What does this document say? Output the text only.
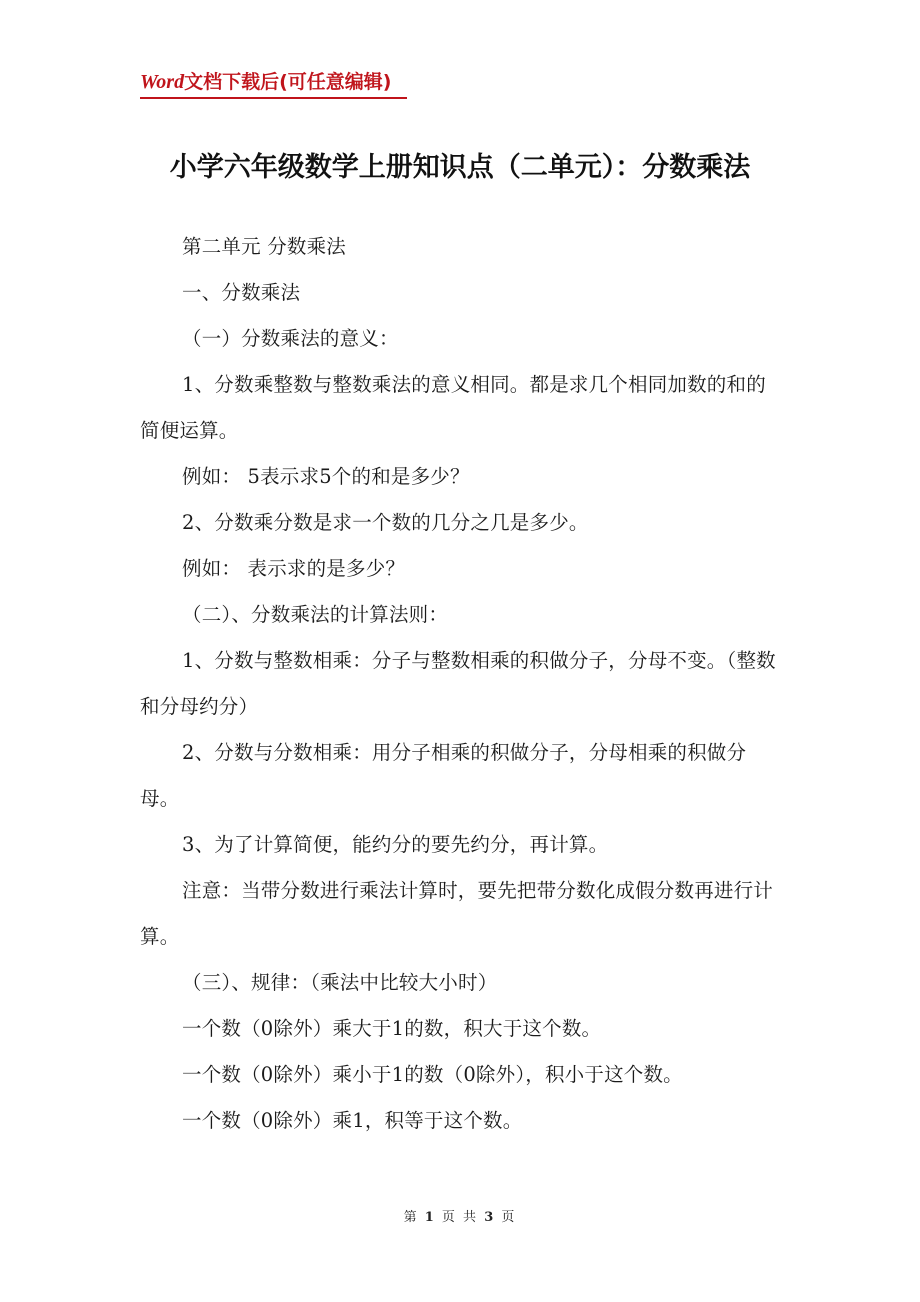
Word文档下载后(可任意编辑)
小学六年级数学上册知识点（二单元）：分数乘法

第二单元 分数乘法

一、分数乘法

（一）分数乘法的意义：

1、分数乘整数与整数乘法的意义相同。都是求几个相同加数的和的简便运算。

例如： 5表示求5个的和是多少？

2、分数乘分数是求一个数的几分之几是多少。

例如： 表示求的是多少？

（二）、分数乘法的计算法则：

1、分数与整数相乘：分子与整数相乘的积做分子，分母不变。（整数和分母约分）

2、分数与分数相乘：用分子相乘的积做分子，分母相乘的积做分母。

3、为了计算简便，能约分的要先约分，再计算。

注意：当带分数进行乘法计算时，要先把带分数化成假分数再进行计算。

（三）、规律：（乘法中比较大小时）

一个数（0除外）乘大于1的数，积大于这个数。

一个数（0除外）乘小于1的数（0除外），积小于这个数。

一个数（0除外）乘1，积等于这个数。

第 1 页 共 3 页
